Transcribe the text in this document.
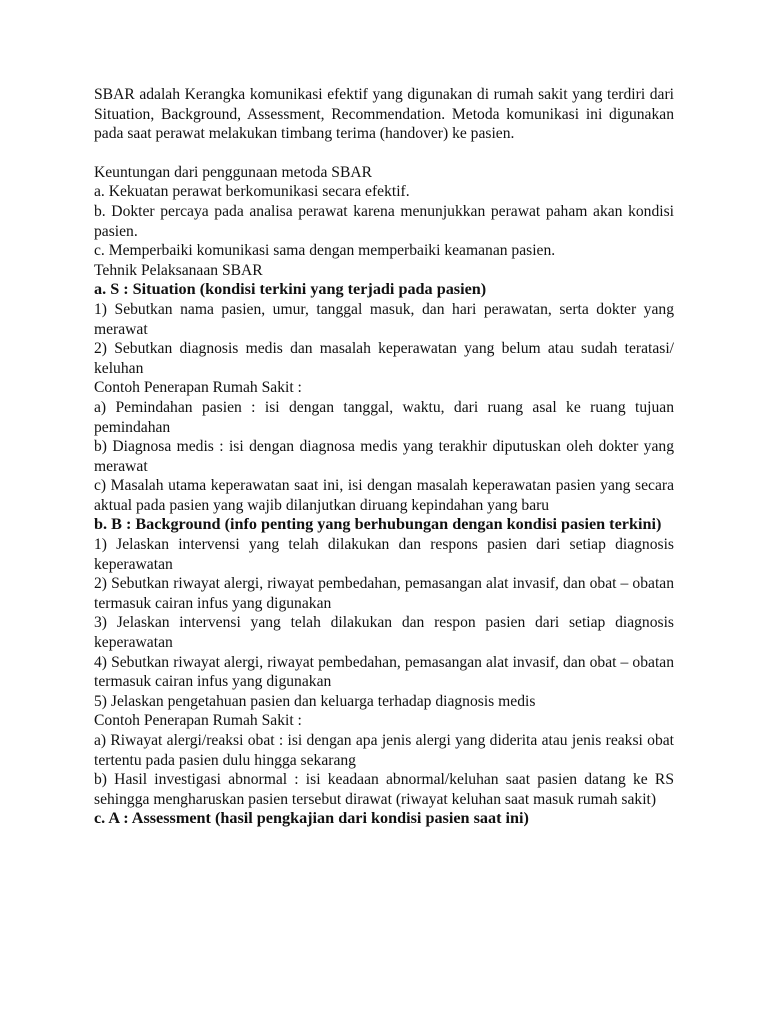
SBAR adalah Kerangka komunikasi efektif yang digunakan di rumah sakit yang terdiri dari Situation, Background, Assessment, Recommendation. Metoda komunikasi ini digunakan pada saat perawat melakukan timbang terima (handover) ke pasien.

Keuntungan dari penggunaan metoda SBAR

a. Kekuatan perawat berkomunikasi secara efektif.

b. Dokter percaya pada analisa perawat karena menunjukkan perawat paham akan kondisi pasien.

c. Memperbaiki komunikasi sama dengan memperbaiki keamanan pasien.

Tehnik Pelaksanaan SBAR

a. S : Situation (kondisi terkini yang terjadi pada pasien)

1) Sebutkan nama pasien, umur, tanggal masuk, dan hari perawatan, serta dokter yang merawat

2) Sebutkan diagnosis medis dan masalah keperawatan yang belum atau sudah teratasi/ keluhan

Contoh Penerapan Rumah Sakit :

a) Pemindahan pasien : isi dengan tanggal, waktu, dari ruang asal ke ruang tujuan pemindahan

b) Diagnosa medis : isi dengan diagnosa medis yang terakhir diputuskan oleh dokter yang merawat

c) Masalah utama keperawatan saat ini, isi dengan masalah keperawatan pasien yang secara aktual pada pasien yang wajib dilanjutkan diruang kepindahan yang baru

b. B : Background (info penting yang berhubungan dengan kondisi pasien terkini)

1) Jelaskan intervensi yang telah dilakukan dan respons pasien dari setiap diagnosis keperawatan

2) Sebutkan riwayat alergi, riwayat pembedahan, pemasangan alat invasif, dan obat – obatan termasuk cairan infus yang digunakan

3) Jelaskan intervensi yang telah dilakukan dan respon pasien dari setiap diagnosis keperawatan

4) Sebutkan riwayat alergi, riwayat pembedahan, pemasangan alat invasif, dan obat – obatan termasuk cairan infus yang digunakan

5) Jelaskan pengetahuan pasien dan keluarga terhadap diagnosis medis

Contoh Penerapan Rumah Sakit :

a) Riwayat alergi/reaksi obat : isi dengan apa jenis alergi yang diderita atau jenis reaksi obat tertentu pada pasien dulu hingga sekarang

b) Hasil investigasi abnormal : isi keadaan abnormal/keluhan saat pasien datang ke RS sehingga mengharuskan pasien tersebut dirawat (riwayat keluhan saat masuk rumah sakit)

c. A : Assessment (hasil pengkajian dari kondisi pasien saat ini)
